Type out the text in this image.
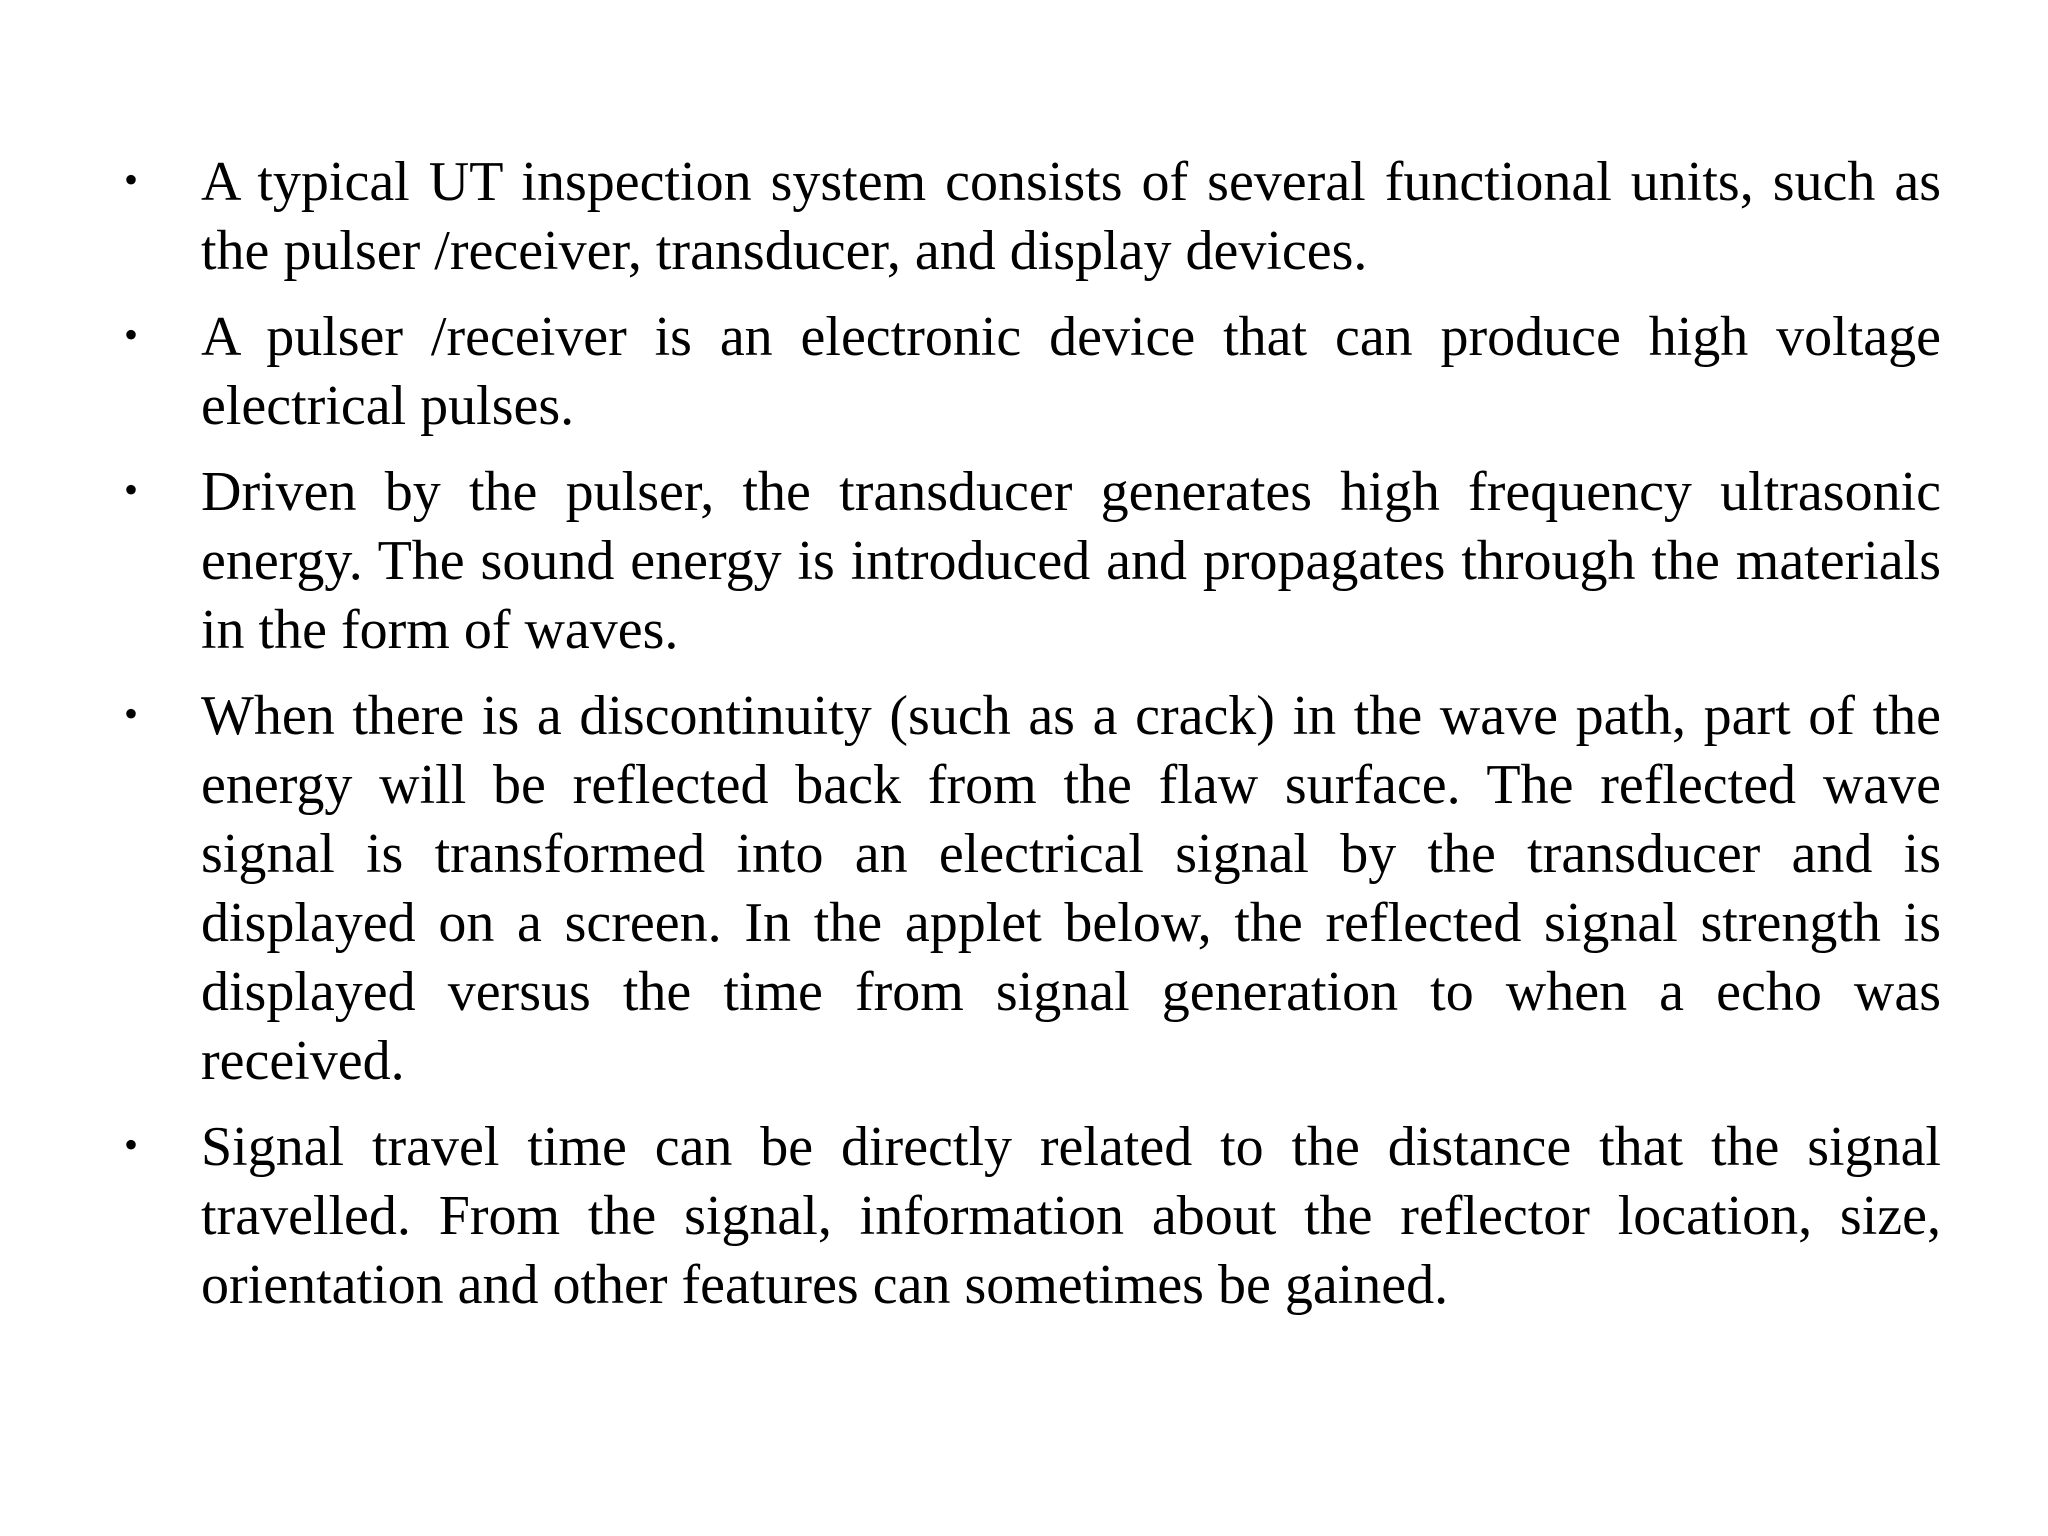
• A typical UT inspection system consists of several functional units, such as the pulser /receiver, transducer, and display devices.
• A pulser /receiver is an electronic device that can produce high voltage electrical pulses.
• Driven by the pulser, the transducer generates high frequency ultrasonic energy. The sound energy is introduced and propagates through the materials in the form of waves.
• When there is a discontinuity (such as a crack) in the wave path, part of the energy will be reflected back from the flaw surface. The reflected wave signal is transformed into an electrical signal by the transducer and is displayed on a screen. In the applet below, the reflected signal strength is displayed versus the time from signal generation to when a echo was received.
• Signal travel time can be directly related to the distance that the signal travelled. From the signal, information about the reflector location, size, orientation and other features can sometimes be gained.
